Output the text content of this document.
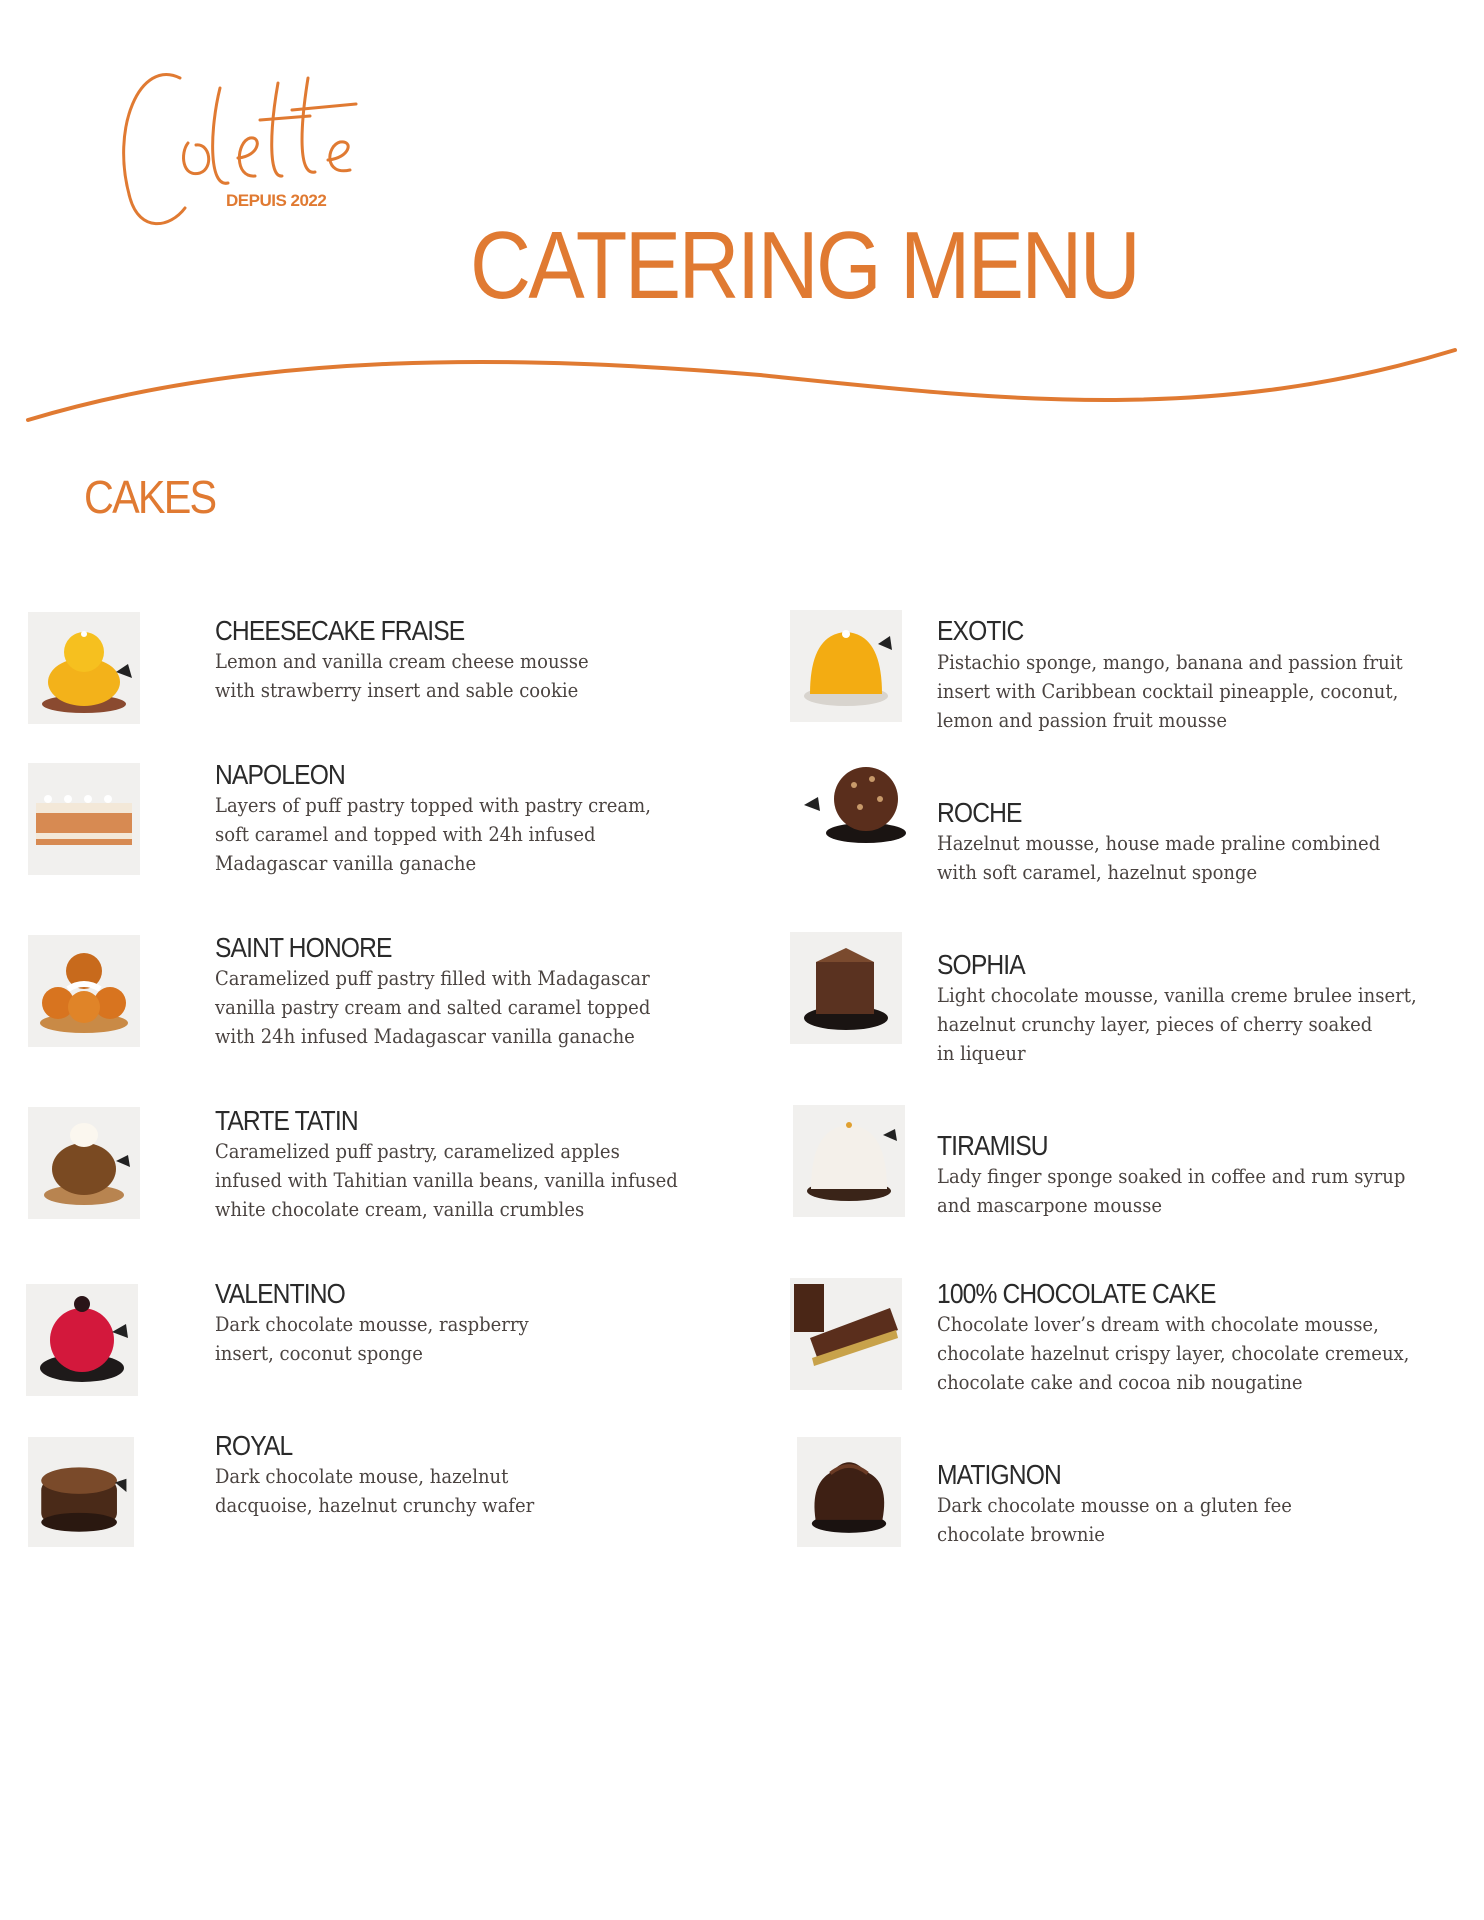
DEPUIS 2022
CATERING MENU
CAKES
CHEESECAKE FRAISE
Lemon and vanilla cream cheese mousse
with strawberry insert and sable cookie
NAPOLEON
Layers of puff pastry topped with pastry cream,
soft caramel and topped with 24h infused
Madagascar vanilla ganache
SAINT HONORE
Caramelized puff pastry filled with Madagascar
vanilla pastry cream and salted caramel topped
with 24h infused Madagascar vanilla ganache
TARTE TATIN
Caramelized puff pastry, caramelized apples
infused with Tahitian vanilla beans, vanilla infused
white chocolate cream, vanilla crumbles
VALENTINO
Dark chocolate mousse, raspberry
insert, coconut sponge
ROYAL
Dark chocolate mouse, hazelnut
dacquoise, hazelnut crunchy wafer
EXOTIC
Pistachio sponge, mango, banana and passion fruit
insert with Caribbean cocktail pineapple, coconut,
lemon and passion fruit mousse
ROCHE
Hazelnut mousse, house made praline combined
with soft caramel, hazelnut sponge
SOPHIA
Light chocolate mousse, vanilla creme brulee insert,
hazelnut crunchy layer, pieces of cherry soaked
in liqueur
TIRAMISU
Lady finger sponge soaked in coffee and rum syrup
and mascarpone mousse
100% CHOCOLATE CAKE
Chocolate lover’s dream with chocolate mousse,
chocolate hazelnut crispy layer, chocolate cremeux,
chocolate cake and cocoa nib nougatine
MATIGNON
Dark chocolate mousse on a gluten fee
chocolate brownie
